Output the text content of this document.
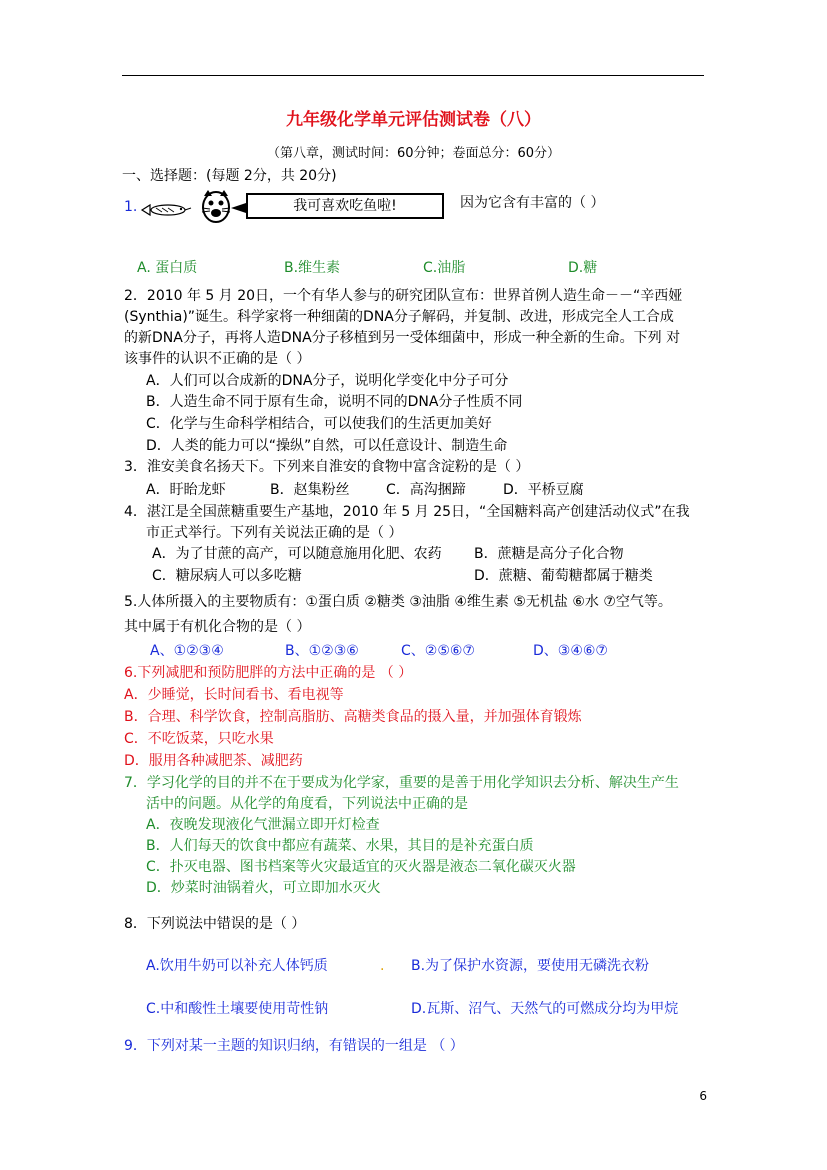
九年级化学单元评估测试卷（八）
（第八章，测试时间：60分钟；卷面总分：60分）
一、选择题：(每题 2分，共 20分)
1.	我可喜欢吃鱼啦!	因为它含有丰富的（ ）
A. 蛋白质	B.维生素	C.油脂	D.糖
2．2010 年 5 月 20日，一个有华人参与的研究团队宣布：世界首例人造生命－－“辛西娅
(Synthia)”诞生。科学家将一种细菌的DNA分子解码，并复制、改进，形成完全人工合成
的新DNA分子，再将人造DNA分子移植到另一受体细菌中，形成一种全新的生命。下列 对
该事件的认识不正确的是（ ）
A．人们可以合成新的DNA分子，说明化学变化中分子可分
B．人造生命不同于原有生命，说明不同的DNA分子性质不同
C．化学与生命科学相结合，可以使我们的生活更加美好
D．人类的能力可以“操纵”自然，可以任意设计、制造生命
3．淮安美食名扬天下。下列来自淮安的食物中富含淀粉的是（ ）
A．盱眙龙虾	B．赵集粉丝	C．高沟捆蹄	D．平桥豆腐
4．湛江是全国蔗糖重要生产基地，2010 年 5 月 25日，“全国糖料高产创建活动仪式”在我
市正式举行。下列有关说法正确的是（ ）
A．为了甘蔗的高产，可以随意施用化肥、农药 B．蔗糖是高分子化合物
C．糖尿病人可以多吃糖	D．蔗糖、葡萄糖都属于糖类
5.人体所摄入的主要物质有：①蛋白质 ②糖类 ③油脂 ④维生素 ⑤无机盐 ⑥水 ⑦空气等。
其中属于有机化合物的是（ ）
A、①②③④	B、①②③⑥	C、②⑤⑥⑦	D、③④⑥⑦
6.下列减肥和预防肥胖的方法中正确的是 （ ）
A．少睡觉，长时间看书、看电视等
B．合理、科学饮食，控制高脂肪、高糖类食品的摄入量，并加强体育锻炼
C．不吃饭菜，只吃水果
D．服用各种减肥茶、减肥药
7．学习化学的目的并不在于要成为化学家，重要的是善于用化学知识去分析、解决生产生
活中的问题。从化学的角度看，下列说法中正确的是
A．夜晚发现液化气泄漏立即开灯检查
B．人们每天的饮食中都应有蔬菜、水果，其目的是补充蛋白质
C．扑灭电器、图书档案等火灾最适宜的灭火器是液态二氧化碳灭火器
D．炒菜时油锅着火，可立即加水灭火
8．下列说法中错误的是（ ）
A.饮用牛奶可以补充人体钙质	. B.为了保护水资源，要使用无磷洗衣粉
C.中和酸性土壤要使用苛性钠	D.瓦斯、沼气、天然气的可燃成分均为甲烷
9．下列对某一主题的知识归纳，有错误的一组是 （ ）
6
